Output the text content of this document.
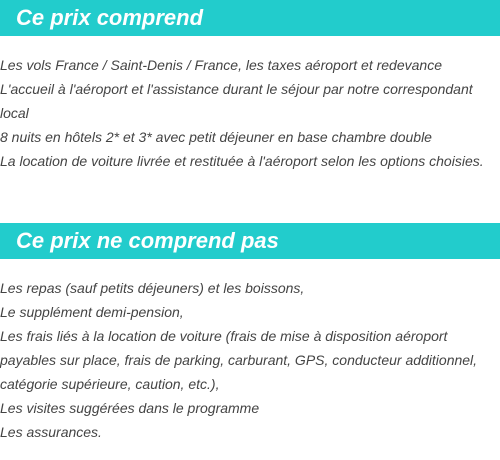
Ce prix comprend
Les vols France / Saint-Denis / France, les taxes aéroport et redevance
L'accueil à l'aéroport et l'assistance durant le séjour par notre correspondant
local
8 nuits en hôtels 2* et 3* avec petit déjeuner en base chambre double
La location de voiture livrée et restituée à l'aéroport selon les options choisies.
Ce prix ne comprend pas
Les repas (sauf petits déjeuners) et les boissons,
Le supplément demi-pension,
Les frais liés à la location de voiture (frais de mise à disposition aéroport
payables sur place, frais de parking, carburant, GPS, conducteur additionnel,
catégorie supérieure, caution, etc.),
Les visites suggérées dans le programme
Les assurances.
